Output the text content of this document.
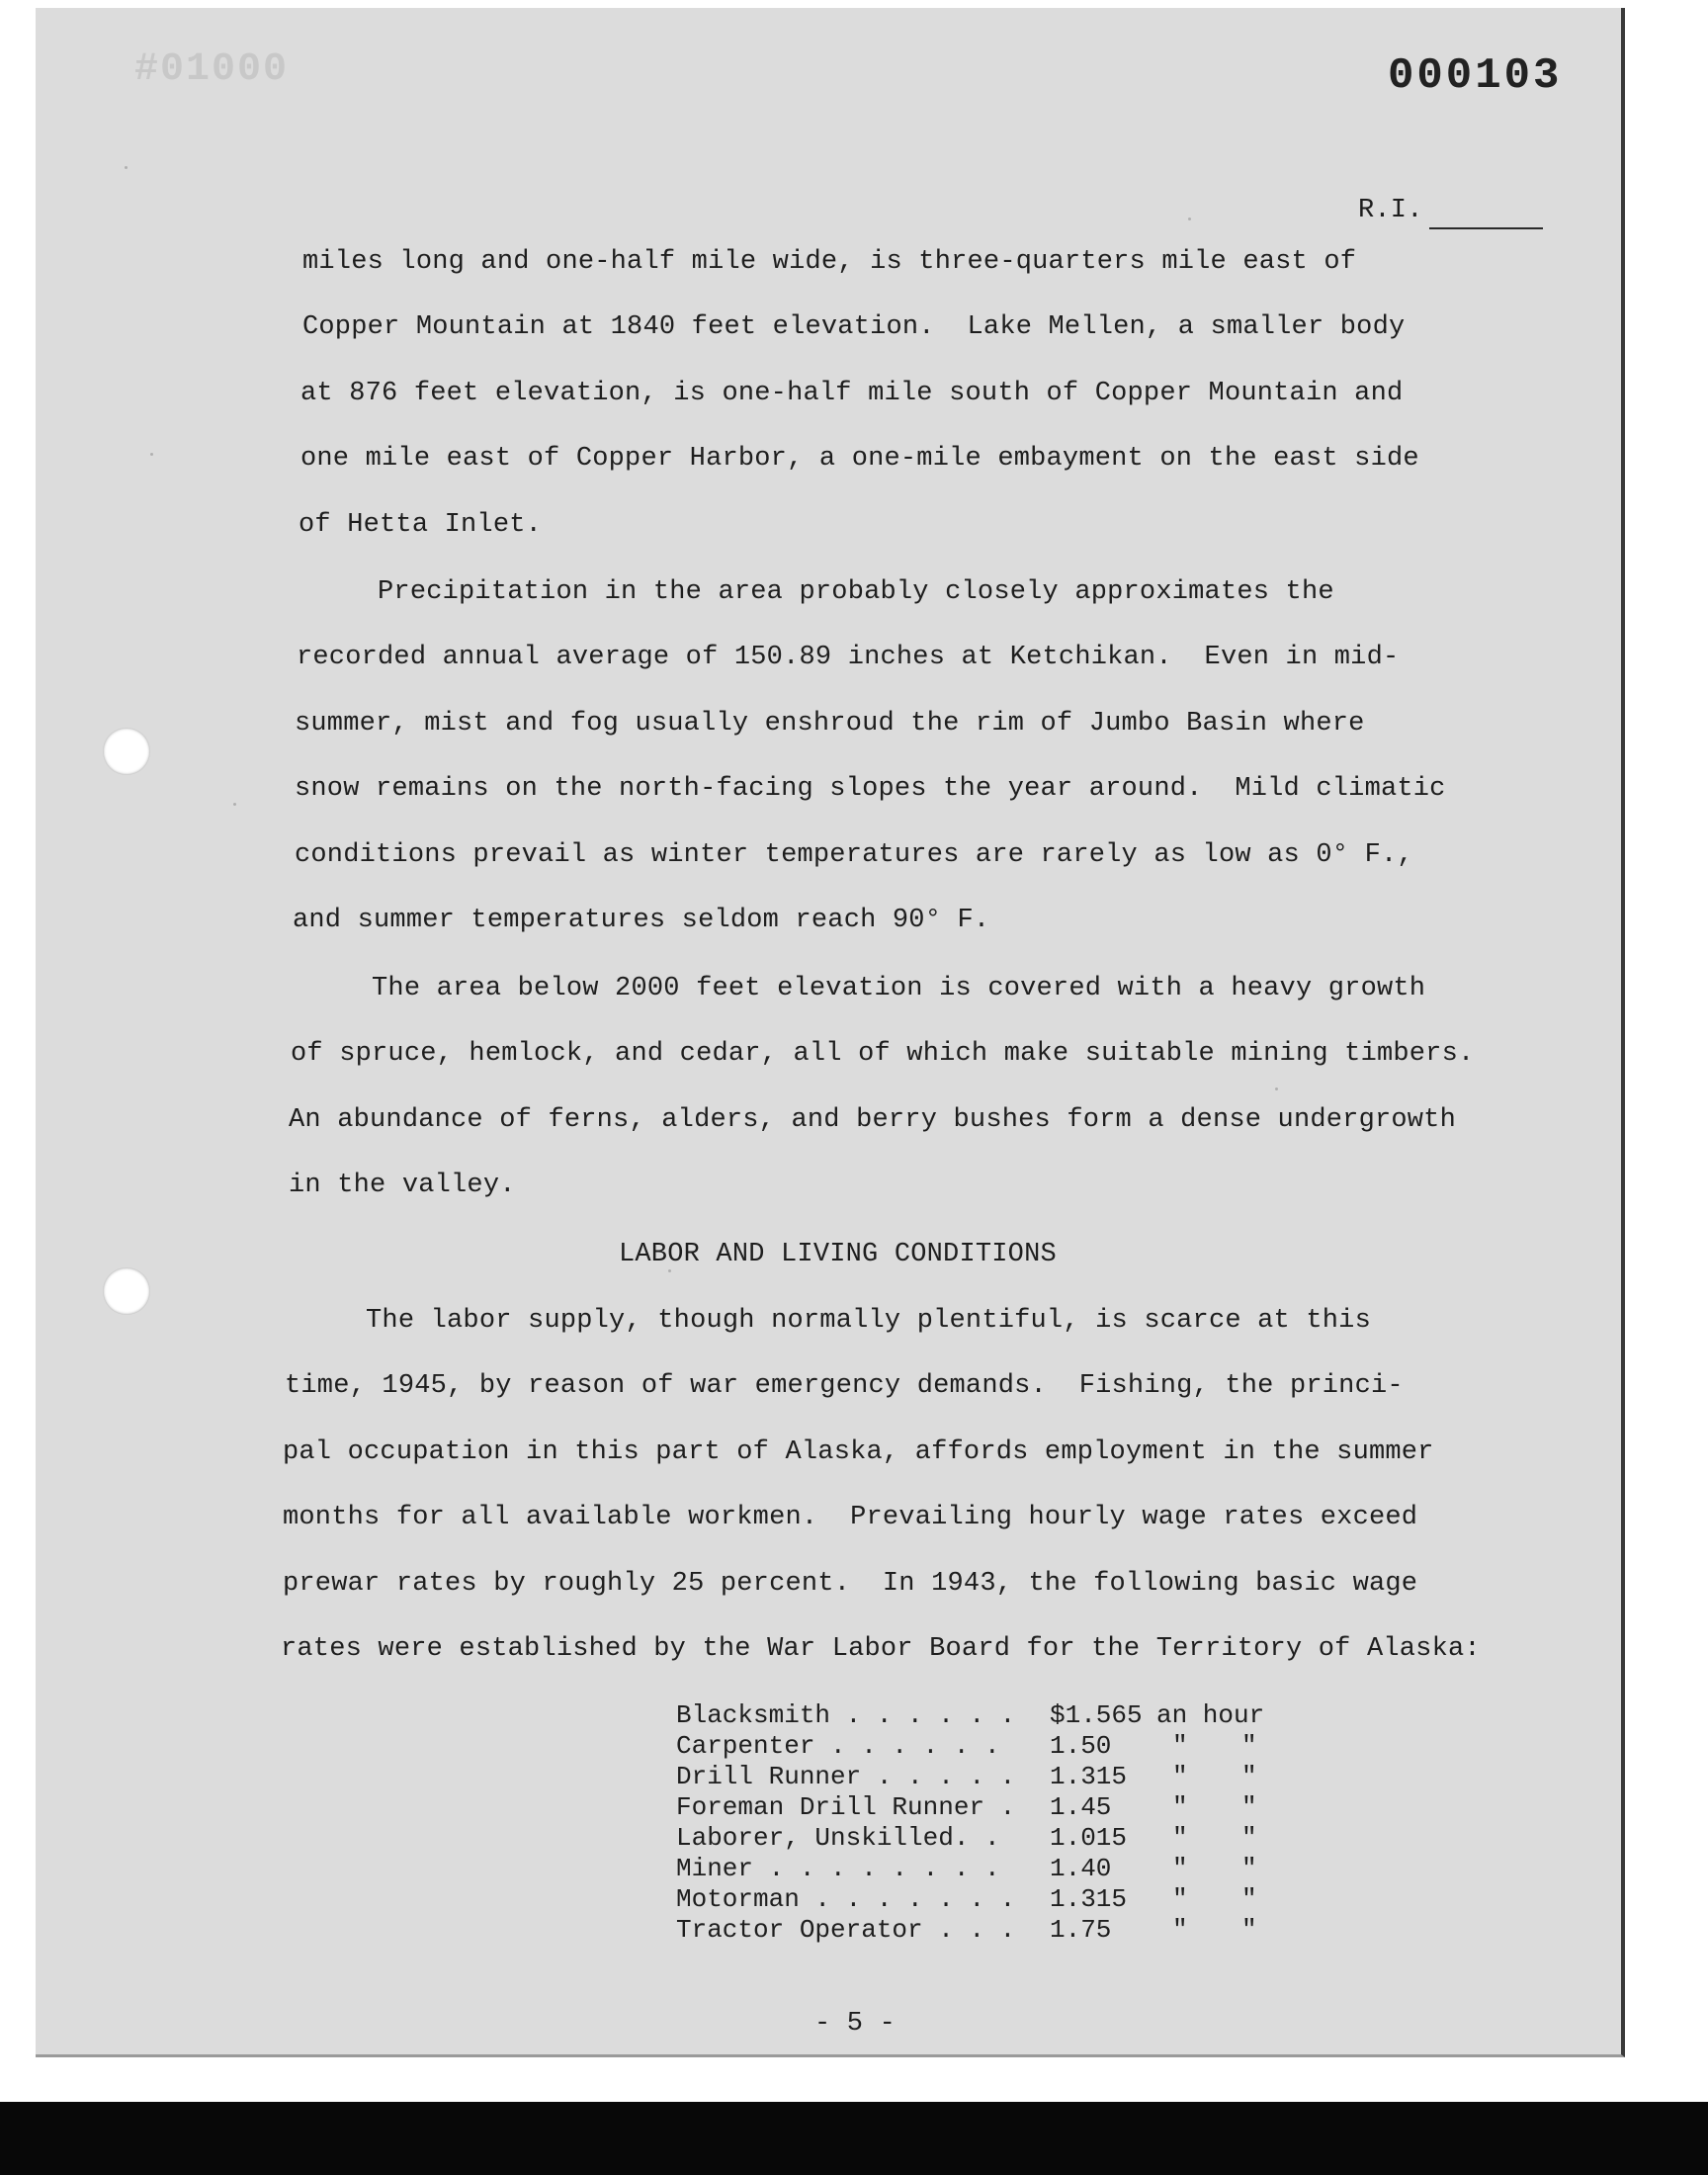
#01000	000103
R.I.
miles long and one-half mile wide, is three-quarters mile east of
Copper Mountain at 1840 feet elevation.  Lake Mellen, a smaller body
at 876 feet elevation, is one-half mile south of Copper Mountain and
one mile east of Copper Harbor, a one-mile embayment on the east side
of Hetta Inlet.
Precipitation in the area probably closely approximates the
recorded annual average of 150.89 inches at Ketchikan.  Even in mid-
summer, mist and fog usually enshroud the rim of Jumbo Basin where
snow remains on the north-facing slopes the year around.  Mild climatic
conditions prevail as winter temperatures are rarely as low as 0° F.,
and summer temperatures seldom reach 90° F.
The area below 2000 feet elevation is covered with a heavy growth
of spruce, hemlock, and cedar, all of which make suitable mining timbers.
An abundance of ferns, alders, and berry bushes form a dense undergrowth
in the valley.
LABOR AND LIVING CONDITIONS
The labor supply, though normally plentiful, is scarce at this
time, 1945, by reason of war emergency demands.  Fishing, the princi-
pal occupation in this part of Alaska, affords employment in the summer
months for all available workmen.  Prevailing hourly wage rates exceed
prewar rates by roughly 25 percent.  In 1943, the following basic wage
rates were established by the War Labor Board for the Territory of Alaska:

Blacksmith . . . . . .

$1.565

an hour

Carpenter . . . . . .

1.50

"

"

Drill Runner . . . . .

1.315

"

"

Foreman Drill Runner .

1.45

"

"

Laborer, Unskilled. .

1.015

"

"

Miner . . . . . . . .

1.40

"

"

Motorman . . . . . . .

1.315

"

"

Tractor Operator . . .

1.75

"

"

- 5 -
